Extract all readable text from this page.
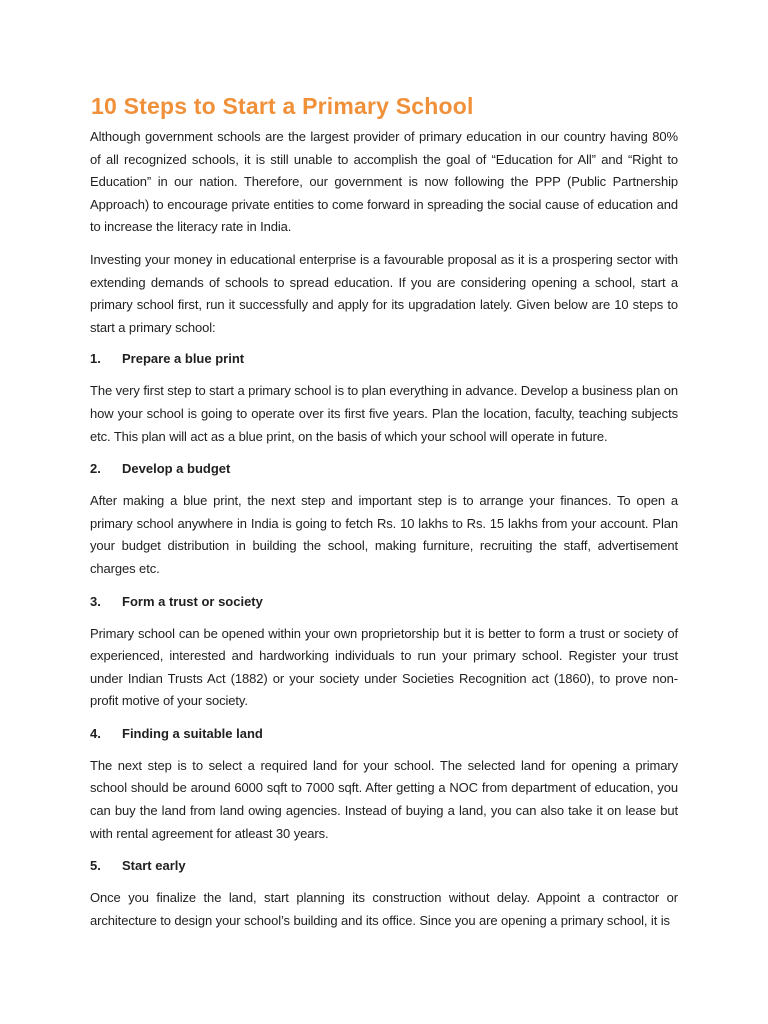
10 Steps to Start a Primary School

Although government schools are the largest provider of primary education in our country having 80% of all recognized schools, it is still unable to accomplish the goal of “Education for All” and “Right to Education” in our nation. Therefore, our government is now following the PPP (Public Partnership Approach) to encourage private entities to come forward in spreading the social cause of education and to increase the literacy rate in India.

Investing your money in educational enterprise is a favourable proposal as it is a prospering sector with extending demands of schools to spread education. If you are considering opening a school, start a primary school first, run it successfully and apply for its upgradation lately. Given below are 10 steps to start a primary school:

1.	Prepare a blue print

The very first step to start a primary school is to plan everything in advance. Develop a business plan on how your school is going to operate over its first five years. Plan the location, faculty, teaching subjects etc. This plan will act as a blue print, on the basis of which your school will operate in future.

2.	Develop a budget

After making a blue print, the next step and important step is to arrange your finances. To open a primary school anywhere in India is going to fetch Rs. 10 lakhs to Rs. 15 lakhs from your account. Plan your budget distribution in building the school, making furniture, recruiting the staff, advertisement charges etc.

3.	Form a trust or society

Primary school can be opened within your own proprietorship but it is better to form a trust or society of experienced, interested and hardworking individuals to run your primary school. Register your trust under Indian Trusts Act (1882) or your society under Societies Recognition act (1860), to prove non-profit motive of your society.

4.	Finding a suitable land

The next step is to select a required land for your school. The selected land for opening a primary school should be around 6000 sqft to 7000 sqft. After getting a NOC from department of education, you can buy the land from land owing agencies. Instead of buying a land, you can also take it on lease but with rental agreement for atleast 30 years.

5.	Start early

Once you finalize the land, start planning its construction without delay. Appoint a contractor or architecture to design your school’s building and its office. Since you are opening a primary school, it is
